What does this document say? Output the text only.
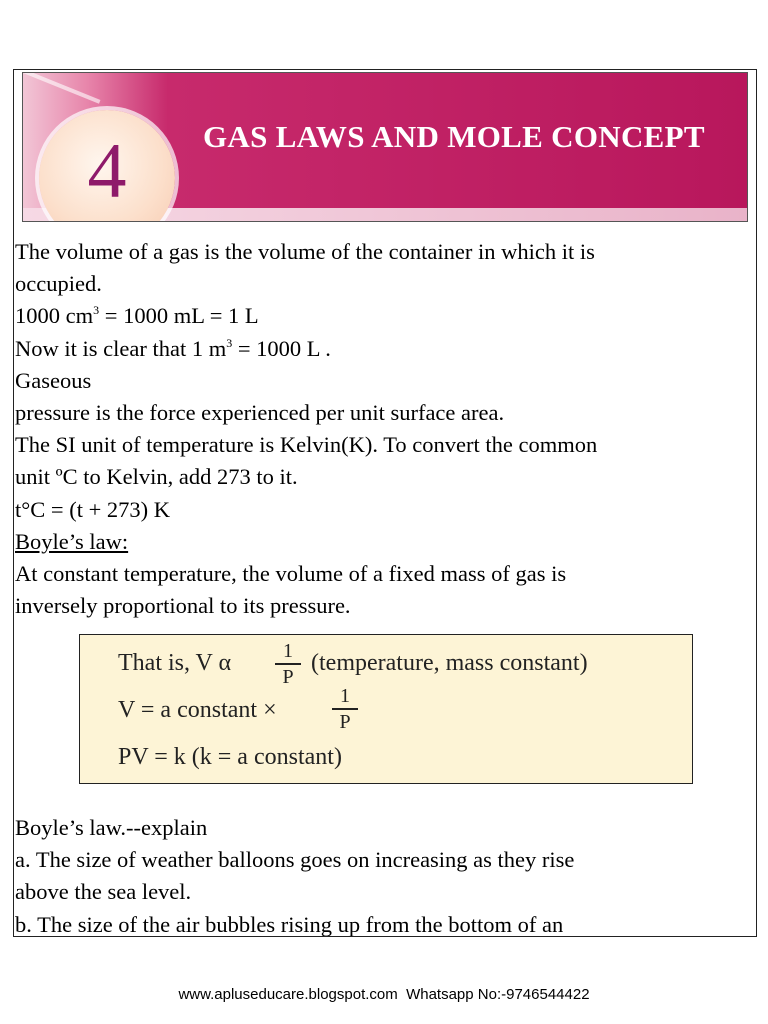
4	GAS LAWS AND MOLE CONCEPT

The volume of a gas is the volume of the container in which it is

occupied.

1000 $cm^3 = 1000$ mL = 1 L

Now it is clear that 1 $m^3 = 1000$ L .

Gaseous

pressure is the force experienced per unit surface area.

The SI unit of temperature is Kelvin(K). To convert the common

unit ºC to Kelvin, add 273 to it.

t°C = (t + 273) K

Boyle’s law:

At constant temperature, the volume of a fixed mass of gas is

inversely proportional to its pressure.

That is, V α	1
P
(temperature, mass constant)
V = a constant ×
1
P
PV = k (k = a constant)

Boyle’s law.--explain

a. The size of weather balloons goes on increasing as they rise

above the sea level.

b. The size of the air bubbles rising up from the bottom of an

www.apluseducare.blogspot.com  Whatsapp No:-9746544422
